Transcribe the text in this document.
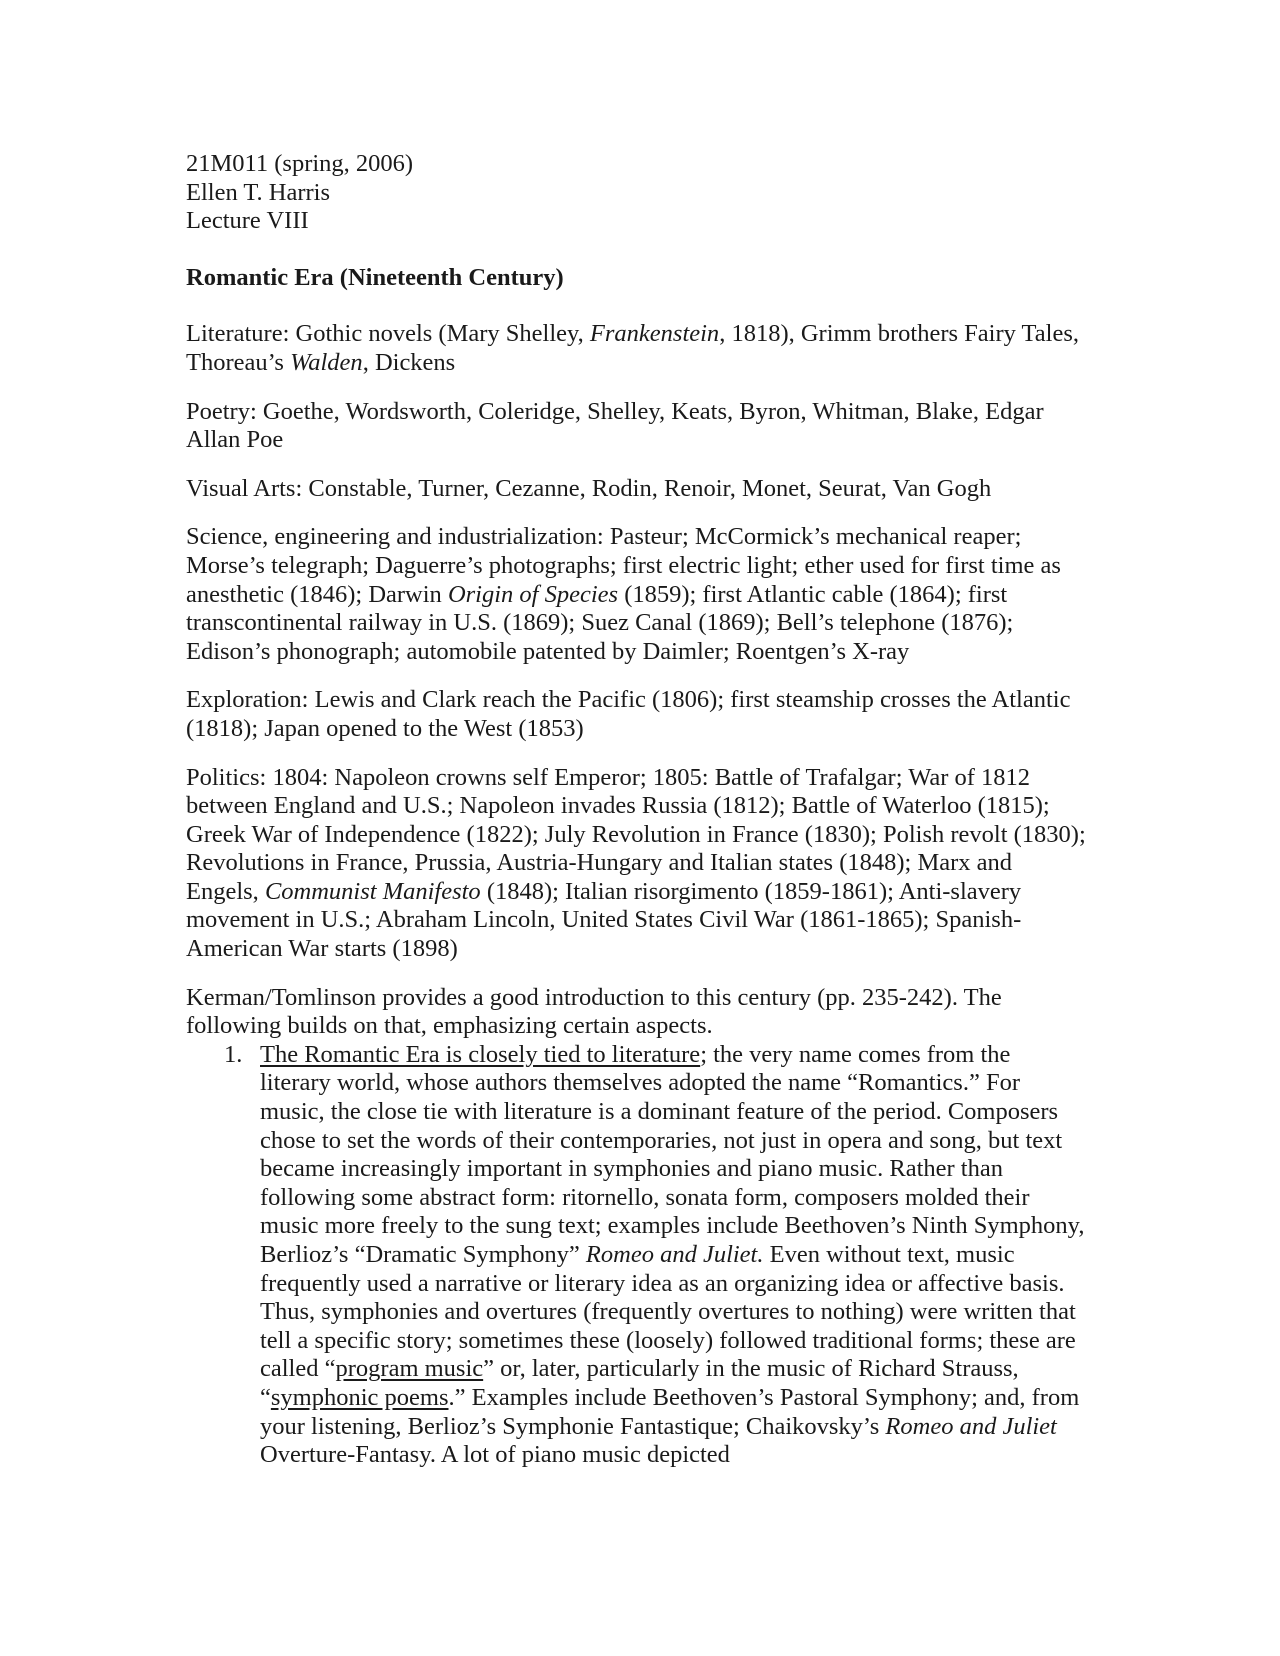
21M011 (spring, 2006)
Ellen T. Harris
Lecture VIII
Romantic Era (Nineteenth Century)

Literature: Gothic novels (Mary Shelley, Frankenstein, 1818), Grimm brothers Fairy Tales, Thoreau’s Walden, Dickens

Poetry: Goethe, Wordsworth, Coleridge, Shelley, Keats, Byron, Whitman, Blake, Edgar Allan Poe

Visual Arts: Constable, Turner, Cezanne, Rodin, Renoir, Monet, Seurat, Van Gogh

Science, engineering and industrialization: Pasteur; McCormick’s mechanical reaper; Morse’s telegraph; Daguerre’s photographs; first electric light; ether used for first time as anesthetic (1846); Darwin Origin of Species (1859); first Atlantic cable (1864); first transcontinental railway in U.S. (1869); Suez Canal (1869); Bell’s telephone (1876); Edison’s phonograph; automobile patented by Daimler; Roentgen’s X-ray

Exploration: Lewis and Clark reach the Pacific (1806); first steamship crosses the Atlantic (1818); Japan opened to the West (1853)

Politics: 1804: Napoleon crowns self Emperor; 1805: Battle of Trafalgar; War of 1812 between England and U.S.; Napoleon invades Russia (1812); Battle of Waterloo (1815); Greek War of Independence (1822); July Revolution in France (1830); Polish revolt (1830); Revolutions in France, Prussia, Austria-Hungary and Italian states (1848); Marx and Engels, Communist Manifesto (1848); Italian risorgimento (1859-1861); Anti-slavery movement in U.S.; Abraham Lincoln, United States Civil War (1861-1865); Spanish-American War starts (1898)

Kerman/Tomlinson provides a good introduction to this century (pp. 235-242). The following builds on that, emphasizing certain aspects.

1. The Romantic Era is closely tied to literature; the very name comes from the literary world, whose authors themselves adopted the name “Romantics.” For music, the close tie with literature is a dominant feature of the period. Composers chose to set the words of their contemporaries, not just in opera and song, but text became increasingly important in symphonies and piano music. Rather than following some abstract form: ritornello, sonata form, composers molded their music more freely to the sung text; examples include Beethoven’s Ninth Symphony, Berlioz’s “Dramatic Symphony” Romeo and Juliet. Even without text, music frequently used a narrative or literary idea as an organizing idea or affective basis. Thus, symphonies and overtures (frequently overtures to nothing) were written that tell a specific story; sometimes these (loosely) followed traditional forms; these are called “program music” or, later, particularly in the music of Richard Strauss, “symphonic poems.” Examples include Beethoven’s Pastoral Symphony; and, from your listening, Berlioz’s Symphonie Fantastique; Chaikovsky’s Romeo and Juliet Overture-Fantasy. A lot of piano music depicted
